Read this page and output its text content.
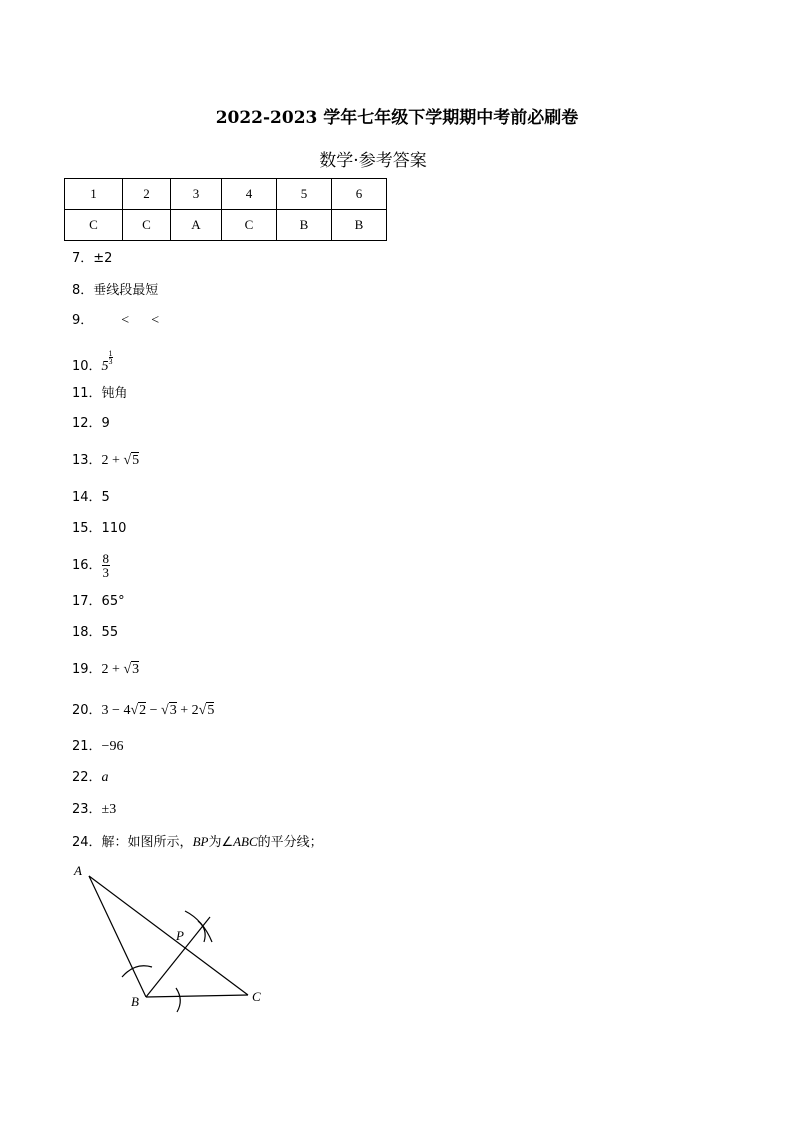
2022-2023 学年七年级下学期期中考前必刷卷
数学·参考答案
1	2	3	4	5	6
C	C	A	C	B	B
7．±2
8．垂线段最短
9． < <
10．5
$\frac{1}{3}$
11．钝角
12．9
13．2 + √5
14．5
15．110
16． $\frac{8}{3}$
17．65°
18．55
19．2 + √3
20．3 − 4√2 − √3 + 2√5
21．−96
22．a
23．±3
24．解：如图所示，BP为∠ABC的平分线；
A
B	C
P
